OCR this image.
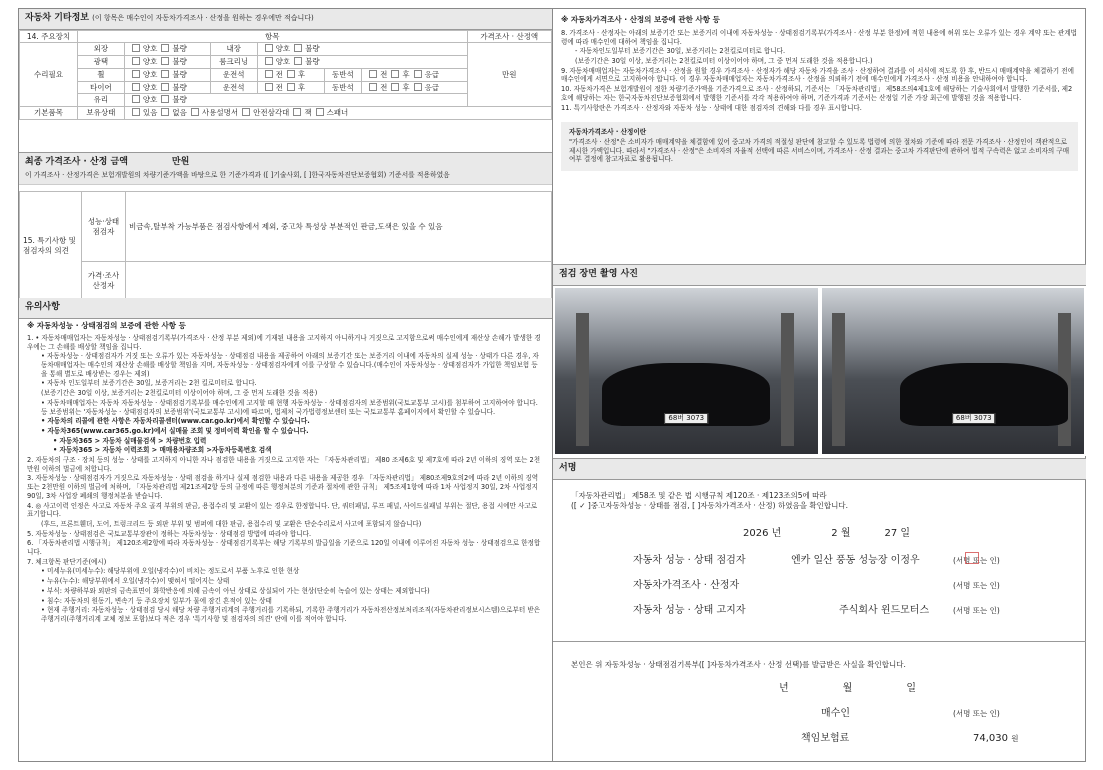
자동차 기타정보 (이 항목은 매수인이 자동차가격조사 · 산정을 원하는 경우에만 적습니다)
14. 주요장치	항목						가격조사 · 산정액
수리필요	외장	양호 불량	내장	양호 불량			만원
	광택	양호 불량	룸크리닝	양호 불량			
	휠	양호 불량	운전석	전 후	동반석	전 후 응급	
	타이어	양호 불량	운전석	전 후	동반석	전 후 응급	
	유리	양호 불량					
기본품목	보유상태	있음 없음 사용설명서 안전삼각대 잭 스패너					
최종 가격조사 · 산정 금액	만원
이 가격조사 · 산정가격은 보험개발원의 차량기준가액을 바탕으로 한 기준가격과 ([ ]기술사회, [ ]한국자동차진단보증협회) 기준서를 적용하였음
15. 특기사항 및 점검자의 의견	성능·상태 점검자	비금속,탈부착 가능부품은 점검사항에서 제외, 중고차 특성상 부분적인 판금,도색은 있을 수 있음
	가격·조사 산정자	
유의사항

※ 자동차성능 · 상태점검의 보증에 관한 사항 등

1. • 자동차매매업자는 자동차성능 · 상태점검기록부(가격조사 · 산정 부분 제외)에 기재된 내용을 고지하지 아니하거나 거짓으로 고지함으로써 매수인에게 재산상 손해가 발생한 경우에는 그 손해를 배상할 책임을 집니다.

• 자동차성능 · 상태점검자가 거짓 또는 오류가 있는 자동차성능 · 상태점검 내용을 제공하여 아래의 보증기간 또는 보증거리 이내에 자동차의 실제 성능 · 상태가 다른 경우, 자동차매매업자는 매수인의 재산상 손해를 배상할 책임을 지며, 자동차성능 · 상태점검자에게 이를 구상할 수 있습니다.(매수인이 자동차성능 · 상태점검자가 가입한 책임보험 등을 통해 별도로 배상받는 경우는 제외)

• 자동차 인도일부터 보증기간은 30일, 보증거리는 2천 킬로미터로 합니다.

(보증기간은 30일 이상, 보증거리는 2천킬로미터 이상이어야 하며, 그 중 먼저 도래한 것을 적용)

• 자동차매매업자는 자동차 자동차성능 · 상태점검기록부를 매수인에게 고지할 때 현행 자동차성능 · 상태점검자의 보증범위(국토교통부 고시)를 첨부하여 고지하여야 합니다. 등 보증범위는 '자동차성능 · 상태점검자의 보증범위'(국토교통부 고시)에 따르며, 법제처 국가법령정보센터 또는 국토교통부 홈페이지에서 확인할 수 있습니다.

• 자동차의 리콜에 관한 사항은 자동차리콜센터(www.car.go.kr)에서 확인할 수 있습니다.

• 자동차365(www.car365.go.kr)에서 실매물 조회 및 정비이력 확인을 할 수 있습니다.

• 자동차365 > 자동차 실매물검색 > 차량번호 입력

• 자동차365 > 자동차 이력조회 > 매매용차량조회 >자동차등록번호 검색

2. 자동차의 구조 · 장치 등의 성능 · 상태를 고지하지 아니한 자나 점검한 내용을 거짓으로 고지한 자는 「자동차관리법」 제80 조제6호 및 제7호에 따라 2년 이하의 징역 또는 2천만원 이하의 벌금에 처합니다.

3. 자동차성능 · 상태점검자가 거짓으로 자동차성능 · 상태 점검을 하거나 실제 점검한 내용과 다른 내용을 제공한 경우 「자동차관리법」 제80조제9호의2에 따라 2년 이하의 징역 또는 2천만원 이하의 벌금에 처하며, 「자동차관리법 제21조제2항 등의 규정에 따른 행정처분의 기준과 절차에 관한 규칙」 제5조제1항에 따라 1차 사업정지 30일, 2차 사업정지 90일, 3차 사업장 폐쇄의 행정처분을 받습니다.

4. ◎ 사고이력 인정은 사고로 자동차 주요 골격 부위의 판금, 용접수리 및 교환이 있는 경우로 한정합니다. 단, 쿼터패널, 루프 패널, 사이드실패널 부위는 절단, 용접 시에만 사고로 표기합니다.

(후드, 프론트휀더, 도어, 트렁크리드 등 외판 부위 및 범퍼에 대한 판금, 용접수리 및 교환은 단순수리로서 사고에 포함되지 않습니다)

5. 자동차성능 · 상태점검은 국토교통부장관이 정하는 자동차성능 · 상태점검 방법에 따라야 합니다.

6. 「자동차관리법 시행규칙」 제120조제2항에 따라 자동차성능 · 상태점검기록부는 해당 기록부의 발급일을 기준으로 120일 이내에 이루어진 자동차 성능 · 상태점검으로 한정합니다.

7. 체크항목 판단기준(예시)

• 미세누유(미세누수): 해당부위에 오일(냉각수)이 비치는 정도로서 부품 노후로 인한 현상

• 누유(누수): 해당부위에서 오일(냉각수)이 맺혀서 떨어지는 상태

• 부식: 차량하부와 외판의 금속표면이 화학반응에 의해 금속이 아닌 상태로 상실되어 가는 현상(단순히 녹슬어 있는 상태는 제외합니다)

• 침수: 자동차의 원동기, 변속기 등 주요장치 일부가 물에 잠긴 흔적이 있는 상태

• 현재 주행거리: 자동차성능 · 상태점검 당시 해당 차량 주행거리계의 주행거리를 기록하되, 기록한 주행거리가 자동차전산정보처리조직(자동차관리정보시스템)으로부터 받은 주행거리(주행거리계 교체 정보 포함)보다 적은 경우 '특기사항 및 점검자의 의견' 란에 이를 적어야 합니다.

※ 자동차가격조사 · 산정의 보증에 관한 사항 등

8. 가격조사 · 산정자는 아래의 보증기간 또는 보증거리 이내에 자동차성능 · 상태점검기록부(가격조사 · 산정 부분 한정)에 적힌 내용에 허위 또는 오류가 있는 경우 계약 또는 관계법령에 따라 매수인에 대하여 책임을 집니다.

- 자동차인도일부터 보증기간은 30일, 보증거리는 2천킬로미터로 합니다.

(보증기간은 30일 이상, 보증거리는 2천킬로미터 이상이어야 하며, 그 중 먼저 도래한 것을 적용합니다.)

9. 자동차매매업자는 자동차가격조사 · 산정을 원할 경우 가격조사 · 산정자가 해당 자동차 가격을 조사 · 산정하여 결과를 이 서식에 적도록 한 후, 반드시 매매계약을 체결하기 전에 매수인에게 서면으로 고지하여야 합니다. 이 경우 자동차매매업자는 자동차가격조사 · 산정을 의뢰하기 전에 매수인에게 가격조사 · 산정 비용을 안내하여야 합니다.

10. 자동차가격은 보험개발원이 정한 차량기준가액을 기준가격으로 조사 · 산정하되, 기준서는 「자동차관리법」 제58조의4제1호에 해당하는 기술사회에서 발행한 기준서를, 제2호에 해당하는 자는 한국자동차진단보증협회에서 발행한 기준서를 각각 적용하여야 하며, 기준가격과 기준서는 산정일 기준 가장 최근에 발행된 것을 적용합니다.

11. 특기사항란은 가격조사 · 산정자와 자동차 성능 · 상태에 대한 점검자의 견해와 다를 경우 표시합니다.

자동차가격조사 · 산정이란

"가격조사 · 산정"은 소비자가 매매계약을 체결함에 있어 중고차 가격의 적절성 판단에 참고할 수 있도록 법령에 의한 절차와 기준에 따라 전문 가격조사 · 산정인이 객관적으로 제시한 가액입니다. 따라서 "가격조사 · 산정"은 소비자의 자율적 선택에 따른 서비스이며, 가격조사 · 산정 결과는 중고차 가격판단에 관하여 법적 구속력은 없고 소비자의 구매여부 결정에 참고자료로 활용됩니다.

점검 장면 촬영 사진
68버 3073	68버 3073
서명

「자동차관리법」 제58조 및 같은 법 시행규칙 제120조 · 제123조의5에 따라

([ ✓ ]중고자동차성능 · 상태를 점검, [ ]자동차가격조사 · 산정) 하였음을 확인합니다.

2026 년	2 월	27 일
자동차 성능 · 상태 점검자	엔카 일산 풍동 성능장 이정우	(서명 또는 인)
자동차가격조사 · 산정자	(서명 또는 인)
자동차 성능 · 상태 고지자	주식회사 윈드모터스	(서명 또는 인)
본인은 위 자동차성능 · 상태점검기록부([ ]자동차가격조사 · 산정 선택)를 발급받은 사실을 확인합니다.
년	월	일
매수인	(서명 또는 인)
책임보험료	74,030 원
